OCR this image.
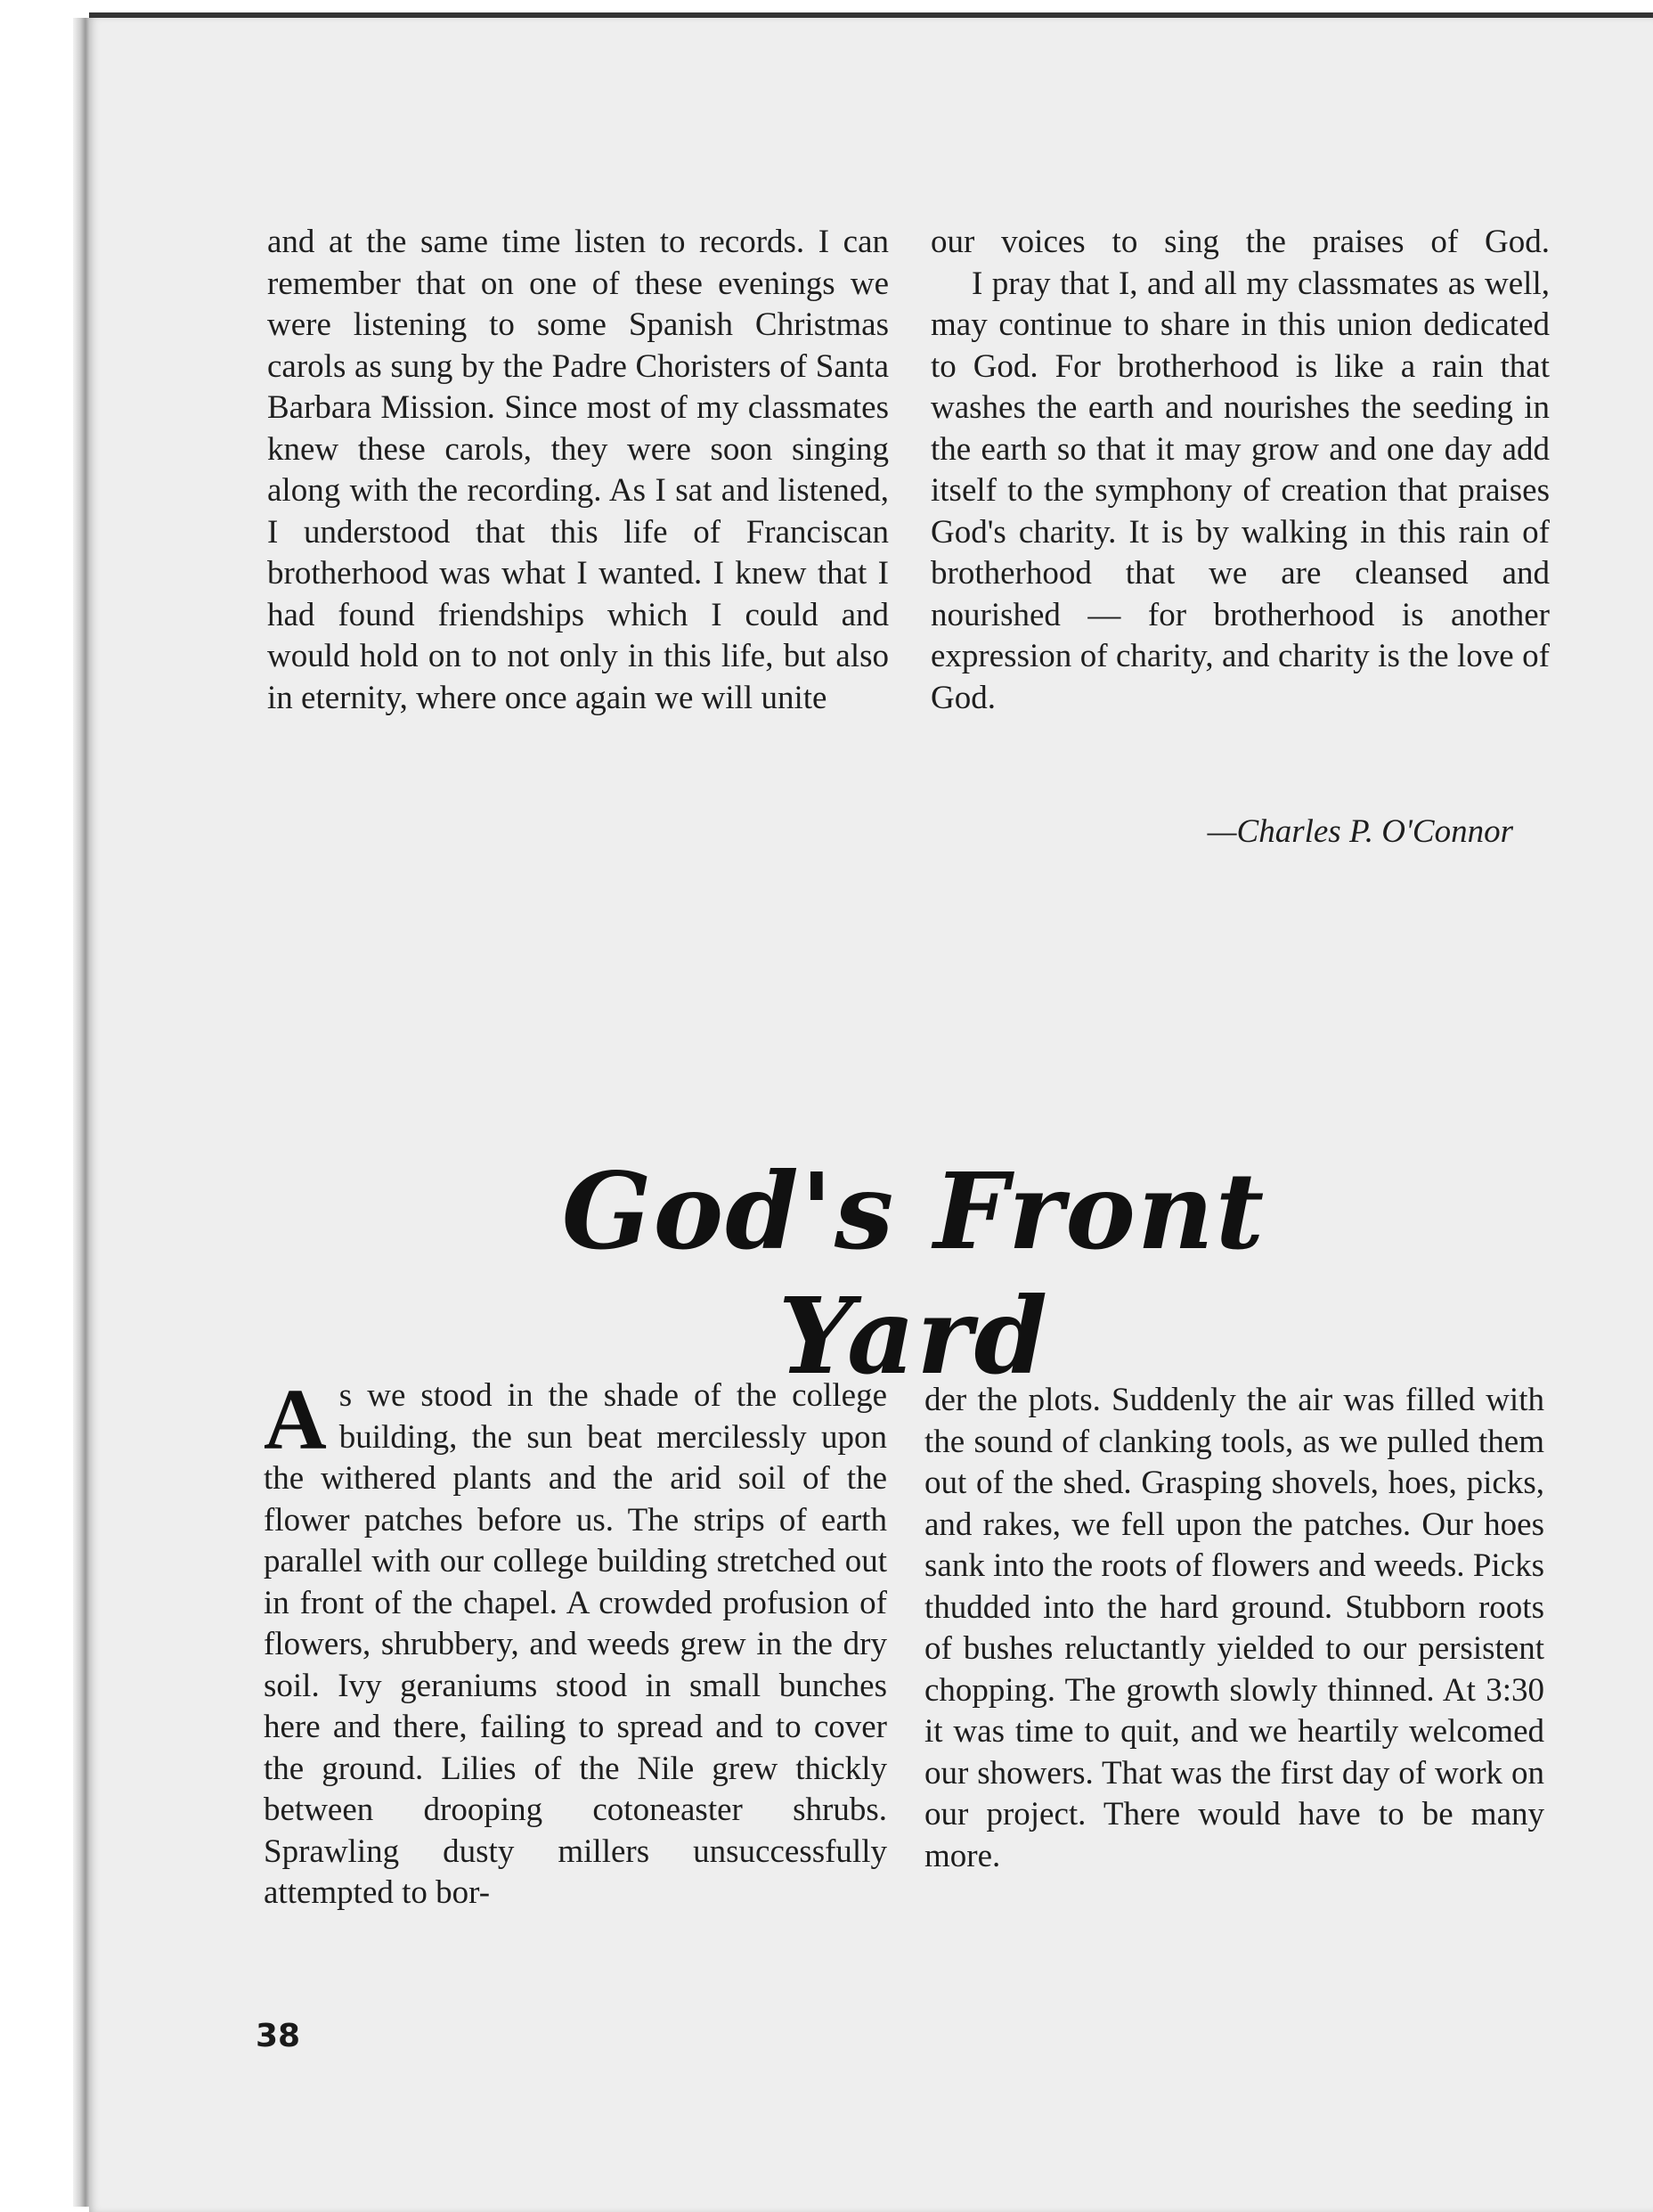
and at the same time listen to records. I can remember that on one of these evenings we were listening to some Spanish Christmas carols as sung by the Padre Choristers of Santa Barbara Mission. Since most of my classmates knew these carols, they were soon singing along with the recording. As I sat and listened, I understood that this life of Franciscan brotherhood was what I wanted. I knew that I had found friendships which I could and would hold on to not only in this life, but also in eternity, where once again we will unite

our voices to sing the praises of God.

I pray that I, and all my classmates as well, may continue to share in this union dedicated to God. For brotherhood is like a rain that washes the earth and nourishes the seeding in the earth so that it may grow and one day add itself to the symphony of creation that praises God's charity. It is by walking in this rain of brotherhood that we are cleansed and nourished — for brotherhood is another expression of charity, and charity is the love of God.

—Charles P. O'Connor
God's Front Yard

As we stood in the shade of the college building, the sun beat mercilessly upon the withered plants and the arid soil of the flower patches before us. The strips of earth parallel with our college building stretched out in front of the chapel. A crowded profusion of flowers, shrubbery, and weeds grew in the dry soil. Ivy geraniums stood in small bunches here and there, failing to spread and to cover the ground. Lilies of the Nile grew thickly between drooping cotoneaster shrubs. Sprawling dusty millers unsuccessfully attempted to bor-

der the plots. Suddenly the air was filled with the sound of clanking tools, as we pulled them out of the shed. Grasping shovels, hoes, picks, and rakes, we fell upon the patches. Our hoes sank into the roots of flowers and weeds. Picks thudded into the hard ground. Stubborn roots of bushes reluctantly yielded to our persistent chopping. The growth slowly thinned. At 3:30 it was time to quit, and we heartily welcomed our showers. That was the first day of work on our project. There would have to be many more.

38
